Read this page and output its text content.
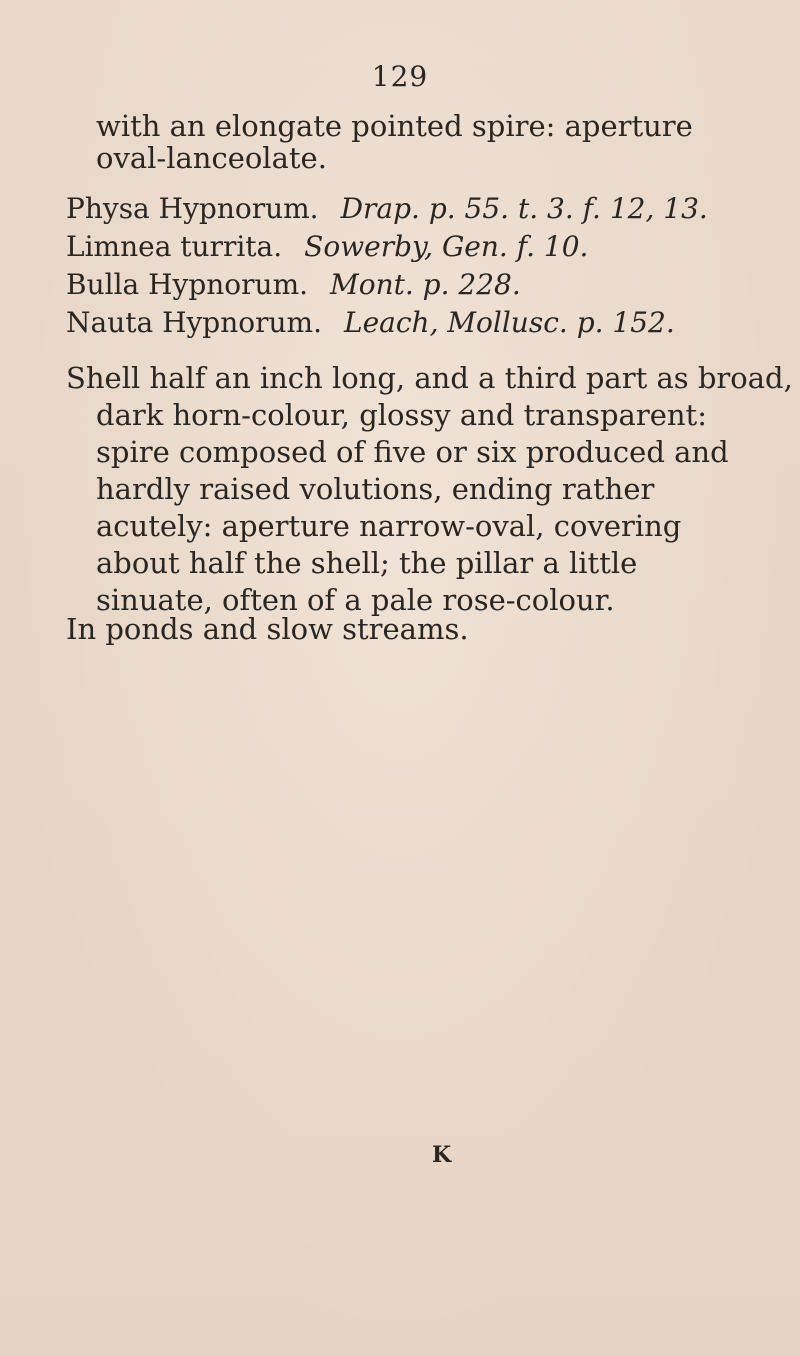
129

with an elongate pointed spire: aperture oval-lanceolate.

Physa Hypnorum. Drap. p. 55. t. 3. f. 12, 13.
Limnea turrita. Sowerby, Gen. f. 10.
Bulla Hypnorum. Mont. p. 228.
Nauta Hypnorum. Leach, Mollusc. p. 152.

Shell half an inch long, and a third part as broad,
dark horn-colour, glossy and transparent: spire composed of five or six produced and hardly raised volutions, ending rather acutely: aperture narrow-oval, covering about half the shell; the pillar a little sinuate, often of a pale rose-colour.

In ponds and slow streams.

K
